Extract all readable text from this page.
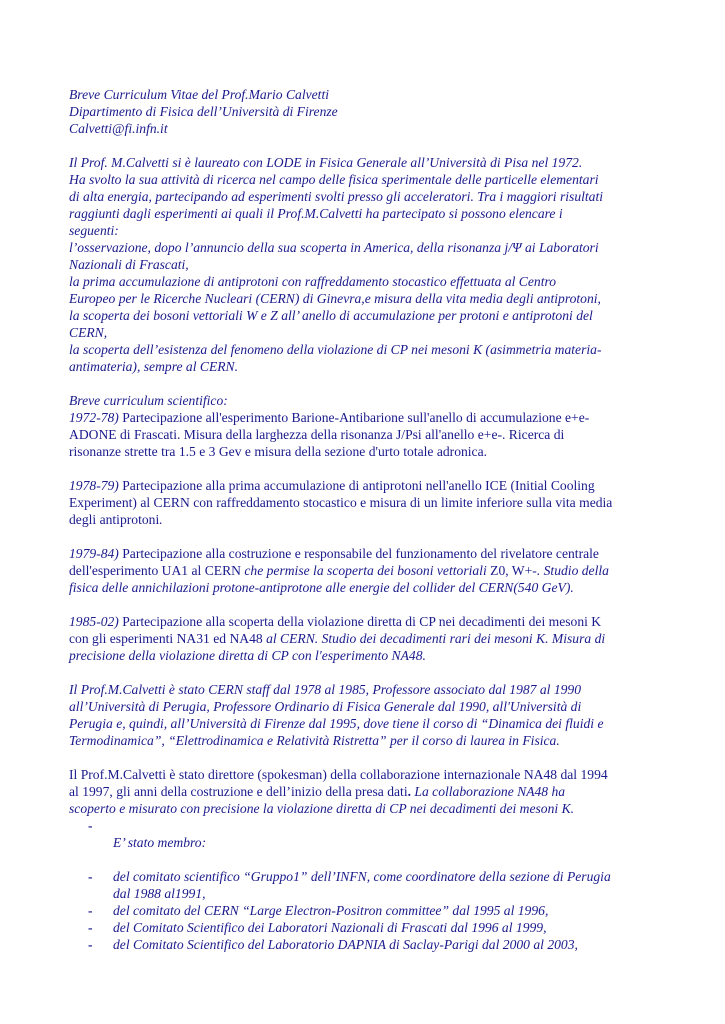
Breve Curriculum Vitae del Prof.Mario Calvetti
Dipartimento di Fisica dell’Università di Firenze
Calvetti@fi.infn.it
Il Prof. M.Calvetti si è laureato con LODE in Fisica Generale all’Università di Pisa nel 1972.
Ha svolto la sua attività di ricerca nel campo delle fisica sperimentale delle particelle elementari
di alta energia, partecipando ad esperimenti svolti presso gli acceleratori. Tra i maggiori risultati
raggiunti dagli esperimenti ai quali il Prof.M.Calvetti ha partecipato si possono elencare i
seguenti:
l’osservazione, dopo l’annuncio della sua scoperta in America, della risonanza j/Ψ ai Laboratori
Nazionali di Frascati,
la prima accumulazione di antiprotoni con raffreddamento stocastico effettuata al Centro
Europeo per le Ricerche Nucleari (CERN) di Ginevra,e misura della vita media degli antiprotoni,
la scoperta dei bosoni vettoriali W e Z all’ anello di accumulazione per protoni e antiprotoni del
CERN,
la scoperta dell’esistenza del fenomeno della violazione di CP nei mesoni K (asimmetria materia-
antimateria), sempre al CERN.
Breve curriculum scientifico:
1972-78) Partecipazione all'esperimento Barione-Antibarione sull'anello di accumulazione e+e-
ADONE di Frascati. Misura della larghezza della risonanza J/Psi all'anello e+e-. Ricerca di
risonanze strette tra 1.5 e 3 Gev e misura della sezione d'urto totale adronica.
1978-79) Partecipazione alla prima accumulazione di antiprotoni nell'anello ICE (Initial Cooling
Experiment) al CERN con raffreddamento stocastico e misura di un limite inferiore sulla vita media
degli antiprotoni.
1979-84) Partecipazione alla costruzione e responsabile del funzionamento del rivelatore centrale
dell'esperimento UA1 al CERN che permise la scoperta dei bosoni vettoriali Z0, W+-. Studio della
fisica delle annichilazioni protone-antiprotone alle energie del collider del CERN(540 GeV).
1985-02) Partecipazione alla scoperta della violazione diretta di CP nei decadimenti dei mesoni K
con gli esperimenti NA31 ed NA48 al CERN. Studio dei decadimenti rari dei mesoni K. Misura di
precisione della violazione diretta di CP con l'esperimento NA48.
Il Prof.M.Calvetti è stato CERN staff dal 1978 al 1985, Professore associato dal 1987 al 1990
all’Università di Perugia, Professore Ordinario di Fisica Generale dal 1990, all'Università di
Perugia e, quindi, all’Università di Firenze dal 1995, dove tiene il corso di “Dinamica dei fluidi e
Termodinamica”, “Elettrodinamica e Relatività Ristretta” per il corso di laurea in Fisica.
Il Prof.M.Calvetti è stato direttore (spokesman) della collaborazione internazionale NA48 dal 1994
al 1997, gli anni della costruzione e dell’inizio della presa dati. La collaborazione NA48 ha
scoperto e misurato con precisione la violazione diretta di CP nei decadimenti dei mesoni K.
-
E’ stato membro:
- del comitato scientifico “Gruppo1” dell’INFN, come coordinatore della sezione di Perugia
dal 1988 al1991,
- del comitato del CERN “Large Electron-Positron committee” dal 1995 al 1996,
- del Comitato Scientifico dei Laboratori Nazionali di Frascati dal 1996 al 1999,
- del Comitato Scientifico del Laboratorio DAPNIA di Saclay-Parigi dal 2000 al 2003,
